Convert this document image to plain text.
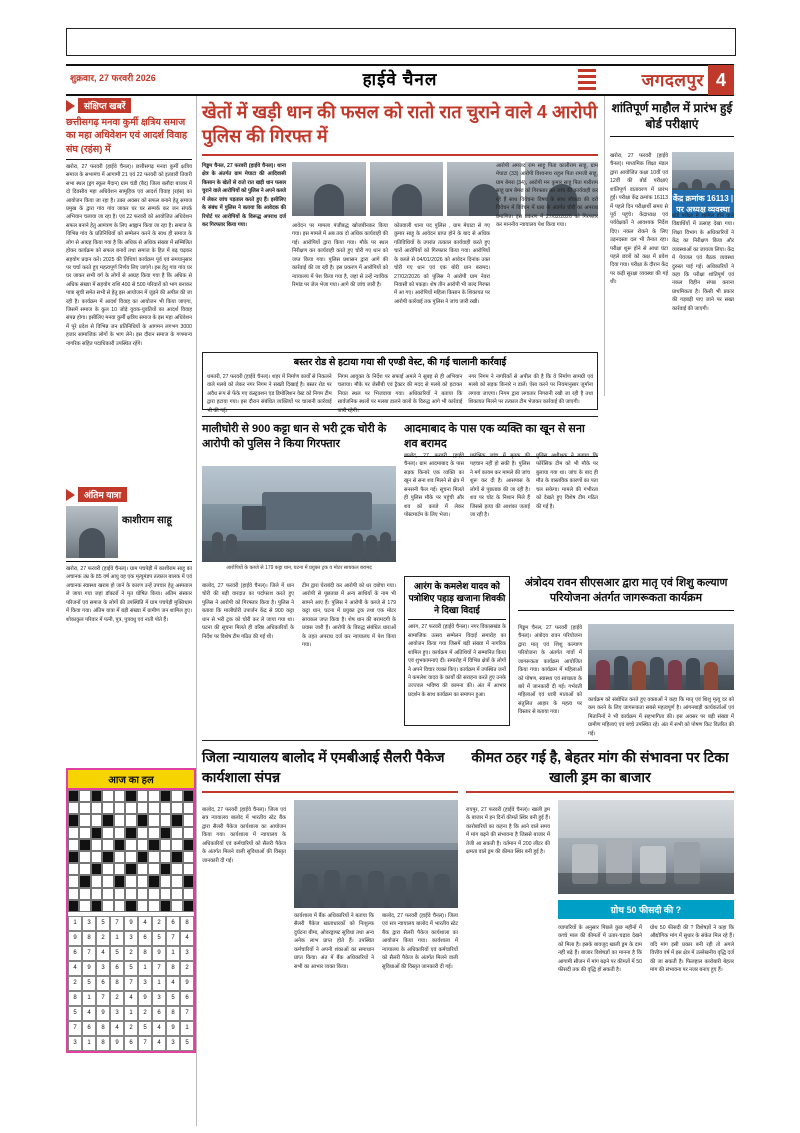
शुक्रवार, 27 फरवरी 2026	हाईवे चैनल	जगदलपुर 4
संक्षिप्त खबरें
छत्तीसगढ़ मनवा कुर्मी क्षत्रिय समाज का महा अधिवेशन एवं आदर्श विवाह संघ (रहंस) में

खरोरा, 27 फरवरी (हाईवे चैनल)। छत्तीसगढ़ मनवा कुर्मी क्षत्रिय समाज के सभामंच में आगामी 21 एवं 22 फरवरी को इतवारी तिवारी सभा स्थल (ड्रग स्कूल मैदान) ग्राम चंडी (बैद) जिला बलौदा बाजार में दो दिवसीय महा अधिवेशन सामूहिक एवं आदर्श विवाह (रहंस) का आयोजन किया जा रहा है। उक्त अवसर को सफल बनाने हेतु समाज प्रमुख के द्वारा गांव गांव जाकर घर घर सम्पर्क कर जन संपर्क अभियान चलाया जा रहा है। एवं 22 फरवरी को आयोजित अधिवेशन सफल बनाने हेतु आमंत्रण के लिए आह्वान किया जा रहा है। समाज के विभिन्न गांव के प्रतिनिधियों को सम्मेलन करने के साथ ही समाज के लोग से आग्रह किया गया है कि अधिक से अधिक संख्या में सम्मिलित होकर कार्यक्रम को सफल बनावें तथा समाज के हित में बढ़ चढ़कर सहयोग प्रदान करें। 2025 की तिथियां कार्यक्रम पूर्व एवं समयानुसार पर चर्चा करते हुए महत्वपूर्ण निर्णय लिए जाएंगे। इस हेतु गांव गांव घर घर जाकर सभी वर्ग के लोगों से आग्रह किया गया है कि अधिक से अधिक संख्या में सहयोग राशि 400 से 500 परिवारों को भाग बनाकर पात्रा सूची समेत सभी से हेतु इस आयोजन में जुड़ने की अपील की जा रही है। कार्यक्रम में आदर्श विवाह का आयोजन भी किया जाएगा, जिसमें समाज के कुल 10 जोड़े युवक-युवतियों का आदर्श विवाह संपन्न होगा। इसीलिए मनवा कुर्मी क्षत्रिय समाज के इस महा अधिवेशन में पूरे प्रदेश से विभिन्न जन प्रतिनिधियों के आगमन लगभग 3000 हजार सामाजिक लोगों के भाग लेने। इस दौरान समाज के गणमान्य नागरिक सहित पदाधिकारी उपस्थित रहेंगे।

अंतिम यात्रा
काशीराम साहू

खरोरा, 27 फरवरी (हाईवे चैनल)। ग्राम पचपेड़ी में काशीराम साहू का अचानक उम्र के 85 वर्ष आयु वह एक मृत्युमंडप तत्काल बालक में एवं अचानक स्वास्थ्य खराब हो जाने के कारण उन्हें उपचार हेतु अस्पताल ले जाया गया जहां डॉक्टरों ने मृत घोषित किया। अंतिम संस्कार परिजनों एवं समाज के लोगों की उपस्थिति में ग्राम पचपेड़ी मुक्तिधाम में किया गया। अंतिम यात्रा में बड़ी संख्या में ग्रामीण जन शामिल हुए। शोकाकुल परिवार में पत्नी, पुत्र, पुत्रवधु एवं नाती पोते हैं।

आज का हल
1	3	5	7	9	4	2	6	8
9	8	2	1	3	6	5	7	4
6	7	4	5	2	8	9	1	3
4	9	3	6	5	1	7	8	2
2	5	6	8	7	3	1	4	9
8	1	7	2	4	9	3	5	6
5	4	9	3	1	2	6	8	7
7	6	8	4	2	5	4	9	1
3	1	8	9	6	7	4	3	5
खेतों में खड़ी धान की फसल को रातो रात चुराने वाले 4 आरोपी पुलिस की गिरफ्त में

गिड्डम चैनल, 27 फरवरी (हाईवे चैनल)। थाना क्षेत्र के अंतर्गत ग्राम मेघाटा की आदिवासी किसान के खेतों से रातो रात खड़ी धान फसल चुराने वाले आरोपियों को पुलिस ने अपने कब्जे में लेकर जांच पड़ताल करते हुए हैं। इसीलिए के संबंध में पुलिस ने बताया कि आवेदक की रिपोर्ट पर आरोपियों के विरूद्ध अपराध दर्ज कर गिरफ्तार किया गया।	आवेदन पर मामला पंजीबद्ध खोजबीनकर किया गया। इस मामले में अब तक दो अधिक कार्यवाही की गई। आरोपियों द्वारा किया गया। मौके पर स्थल निरीक्षण कर कार्यवाही करते हुए चोरी गए धान को जप्त किया गया। पुलिस प्रशासन द्वारा आगे की कार्रवाई की जा रही है। इस प्रकरण में आरोपियों को न्यायालय में पेश किया गया है, जहां से उन्हें न्यायिक रिमांड पर जेल भेजा गया। आगे की जांच जारी है।

कोतवाली थाना पद पुलिस , ग्राम मेघाटा से गए कुमार साहू के आवेदन प्राप्त होने के बाद से अधिक गतिविधियों के उपरांत तत्काल कार्यवाही करते हुए चारों आरोपियों को गिरफ्तार किया गया। आरोपियों के कब्जे से 04/01/2026 को आवेदन दिनांक उक्त चोरी गए धान एवं एक बोरी धान बरामद। 27/02/2026 को पुलिस ने आरोपी ग्राम नेवरा निवासी को पकड़ा। शेष तीन आरोपी भी जल्द गिरफ्त में आ गए। आरोपियों महिला किसान के शिकायत पर आरोपी कार्रवाई तक पुलिस ने जांच जारी रखी।

आरोपी अमजद राम साहू पिता कालीराम साहू, ग्राम मेघाटा (33) आरोपी विश्वनाथ राहुल पिता रामजी साहू, ग्राम बेमरा (34), आरोपी मन कुमार साहू पिता मारीराम साहू ग्राम बेमरा को गिरफ्तार कर जांच की कार्यवाही कर रहे हैं साथ विवेचना विषय के साथ लौकडा की दरो विवेचन में विवेचन में धारा के अंतर्गत चोरी का अपराध प्रमाणित। इस प्रकरण में 27/02/2026 को गिरफ्तार कर माननीय न्यायालय पेश किया गया।

बस्तर रोड से हटाया गया सी एण्डी वेस्ट, की गई चालानी कार्रवाई

धमतरी, 27 फरवरी (हाईवे चैनल)। शहर में निर्माण कार्यों से निकलने वाले मलबे को लेकर नगर निगम ने सख्ती दिखाई है। बस्तर रोड पर अवैध रूप से फेंके गए कंस्ट्रक्शन एंड डिमोलिशन वेस्ट को निगम टीम द्वारा हटाया गया। इस दौरान संबंधित व्यक्तियों पर चालानी कार्रवाई भी की गई।

निगम आयुक्त के निर्देश पर सफाई अमले ने सुबह से ही अभियान चलाया। मौके पर जेसीबी एवं ट्रैक्टर की मदद से मलबे को हटाकर नियत स्थल पर भिजवाया गया। अधिकारियों ने बताया कि सार्वजनिक स्थलों पर मलबा डालने वालों के विरुद्ध आगे भी कार्रवाई जारी रहेगी।

नगर निगम ने नागरिकों से अपील की है कि वे निर्माण सामग्री एवं मलबे को सड़क किनारे न डालें। ऐसा करने पर नियमानुसार जुर्माना लगाया जाएगा। निगम द्वारा लगातार निगरानी रखी जा रही है तथा शिकायत मिलने पर तत्काल टीम भेजकर कार्रवाई की जाएगी।

शांतिपूर्ण माहौल में प्रारंभ हुई बोर्ड परीक्षाएं

खरोरा, 27 फरवरी (हाईवे चैनल)। माध्यमिक शिक्षा मंडल द्वारा आयोजित कक्षा 10वीं एवं 12वीं की बोर्ड परीक्षाएं शांतिपूर्ण वातावरण में प्रारंभ हुईं। परीक्षा केंद्र क्रमांक 16113 में पहले दिन परीक्षार्थी समय से पूर्व पहुंचे। केंद्राध्यक्ष एवं पर्यवेक्षकों ने आवश्यक निर्देश दिए। नकल रोकने के लिए उड़नदस्ता दल भी तैनात रहा। परीक्षा शुरू होने से आधा घंटा पहले छात्रों को कक्ष में प्रवेश दिया गया। परीक्षा के दौरान केंद्र पर कड़ी सुरक्षा व्यवस्था की गई थी।

केंद्र क्रमांक 16113 | पर अध्यक्ष व्यवस्था

बोर्ड परीक्षा में शामिल होने वाले विद्यार्थियों में उत्साह देखा गया। शिक्षा विभाग के अधिकारियों ने केंद्र का निरीक्षण किया और व्यवस्थाओं का जायजा लिया। केंद्र में पेयजल एवं बैठक व्यवस्था दुरुस्त पाई गई। अधिकारियों ने कहा कि परीक्षा शांतिपूर्ण एवं नकल विहीन संपन्न कराना प्राथमिकता है। किसी भी प्रकार की गड़बड़ी पाए जाने पर सख्त कार्रवाई की जाएगी।

मालीघोरी से 900 कट्टा धान से भरी ट्रक चोरी के आरोपी को पुलिस ने किया गिरफ्तार
आरोपियों के कब्जे से 179 कट्टा धान, घटना में प्रयुक्त ट्रक व मोटर सायकल बरामद

बालोद, 27 फरवरी (हाईवे चैनल)। जिले में धान चोरी की बड़ी वारदात का पर्दाफाश करते हुए पुलिस ने आरोपी को गिरफ्तार किया है। पुलिस ने बताया कि मालीघोरी उपार्जन केंद्र से 900 कट्टा धान से भरी ट्रक को चोरी कर ले जाया गया था। घटना की सूचना मिलते ही वरिष्ठ अधिकारियों के निर्देश पर विशेष टीम गठित की गई थी।

टीम द्वारा घेराबंदी कर आरोपी को धर दबोचा गया। आरोपी से पूछताछ में अन्य साथियों के नाम भी सामने आए हैं। पुलिस ने आरोपी के कब्जे से 179 कट्टा धान, घटना में प्रयुक्त ट्रक तथा एक मोटर सायकल जप्त किया है। शेष धान की बरामदगी के प्रयास जारी हैं। आरोपी के विरुद्ध संबंधित धाराओं के तहत अपराध दर्ज कर न्यायालय में पेश किया गया।

आदमाबाद के पास एक व्यक्ति का खून से सना शव बरामद

बालोद, 27 फरवरी (हाईवे चैनल)। ग्राम आदमाबाद के पास सड़क किनारे एक व्यक्ति का खून से सना शव मिलने से क्षेत्र में सनसनी फैल गई। सूचना मिलते ही पुलिस मौके पर पहुंची और शव को कब्जे में लेकर पोस्टमार्टम के लिए भेजा।

प्रारंभिक जांच में मृतक की पहचान नहीं हो सकी है। पुलिस ने मर्ग कायम कर मामले की जांच शुरू कर दी है। आसपास के लोगों से पूछताछ की जा रही है। शव पर चोट के निशान मिले हैं जिससे हत्या की आशंका जताई जा रही है।

पुलिस अधीक्षक ने बताया कि फोरेंसिक टीम को भी मौके पर बुलाया गया था। जांच के बाद ही मौत के वास्तविक कारणों का पता चल सकेगा। मामले की गंभीरता को देखते हुए विशेष टीम गठित की गई है।

आरंग के कमलेश यादव को पत्रोशिए पहाड़ खजाना शिवकी ने दिखा विदाई

आरंग, 27 फरवरी (हाईवे चैनल)। नगर विकासखंड के सामाजिक उत्सव सम्मेलन विदाई समारोह का आयोजन किया गया जिसमें बड़ी संख्या में नागरिक शामिल हुए। कार्यक्रम में अतिथियों ने सम्मानित किया एवं शुभकामनाएं दीं। समारोह में विभिन्न क्षेत्रों के लोगों ने अपने विचार व्यक्त किए। कार्यक्रम में उपस्थित जनों ने कमलेश यादव के कार्यों की सराहना करते हुए उनके उज्ज्वल भविष्य की कामना की। अंत में आभार प्रदर्शन के साथ कार्यक्रम का समापन हुआ।

अंत्रोदय रावन सीएसआर द्वारा मातृ एवं शिशु कल्याण परियोजना अंतर्गत जागरूकता कार्यक्रम

गिड्डम चैनल, 27 फरवरी (हाईवे चैनल)। अंत्रोदय रावन परियोजना द्वारा मातृ एवं शिशु कल्याण परियोजना के अंतर्गत गांवों में जागरूकता कार्यक्रम आयोजित किया गया। कार्यक्रम में महिलाओं को पोषण, स्वास्थ्य एवं स्वच्छता के बारे में जानकारी दी गई। गर्भवती महिलाओं एवं धात्री माताओं को संतुलित आहार के महत्व पर विस्तार से बताया गया।

कार्यक्रम को संबोधित करते हुए वक्ताओं ने कहा कि मातृ एवं शिशु मृत्यु दर को कम करने के लिए जागरूकता सबसे महत्वपूर्ण है। आंगनबाड़ी कार्यकर्ताओं एवं मितानिनों ने भी कार्यक्रम में सहभागिता की। इस अवसर पर बड़ी संख्या में ग्रामीण महिलाएं एवं बच्चे उपस्थित रहे। अंत में सभी को पोषण किट वितरित की गई।

जिला न्यायालय बालोद में एमबीआई सैलरी पैकेज कार्यशाला संपन्न

बालोद, 27 फरवरी (हाईवे चैनल)। जिला एवं सत्र न्यायालय बालोद में भारतीय स्टेट बैंक द्वारा सैलरी पैकेज कार्यशाला का आयोजन किया गया। कार्यशाला में न्यायालय के अधिकारियों एवं कर्मचारियों को सैलरी पैकेज के अंतर्गत मिलने वाली सुविधाओं की विस्तृत जानकारी दी गई।

कार्यशाला में बैंक अधिकारियों ने बताया कि सैलरी पैकेज खाताधारकों को निःशुल्क दुर्घटना बीमा, ओवरड्राफ्ट सुविधा तथा अन्य अनेक लाभ प्राप्त होते हैं। उपस्थित कर्मचारियों ने अपनी शंकाओं का समाधान प्राप्त किया। अंत में बैंक अधिकारियों ने सभी का आभार व्यक्त किया।

बालोद, 27 फरवरी (हाईवे चैनल)। जिला एवं सत्र न्यायालय बालोद में भारतीय स्टेट बैंक द्वारा सैलरी पैकेज कार्यशाला का आयोजन किया गया। कार्यशाला में न्यायालय के अधिकारियों एवं कर्मचारियों को सैलरी पैकेज के अंतर्गत मिलने वाली सुविधाओं की विस्तृत जानकारी दी गई।

कीमत ठहर गई है, बेहतर मांग की संभावना पर टिका खाली ड्रम का बाजार

रायपुर, 27 फरवरी (हाईवे चैनल)। खाली ड्रम के बाजार में इन दिनों कीमतें स्थिर बनी हुई हैं। कारोबारियों का कहना है कि आने वाले समय में मांग बढ़ने की संभावना है जिससे बाजार में तेजी आ सकती है। वर्तमान में 200 लीटर की क्षमता वाले ड्रम की कीमत स्थिर बनी हुई है।

ग्रोथ 50 फीसदी की ?

व्यापारियों के अनुसार पिछले कुछ महीनों में कच्चे माल की कीमतों में उतार-चढ़ाव देखने को मिला है। इसके बावजूद खाली ड्रम के दाम नहीं बढ़े हैं। बाजार विशेषज्ञों का मानना है कि आगामी सीजन में मांग बढ़ने पर कीमतों में 50 फीसदी तक की वृद्धि हो सकती है।

ग्रोथ 50 फीसदी की ? विशेषज्ञों ने कहा कि औद्योगिक मांग में सुधार के संकेत मिल रहे हैं। यदि मांग इसी प्रकार बनी रही तो अगले वित्तीय वर्ष में इस क्षेत्र में उल्लेखनीय वृद्धि दर्ज की जा सकती है। फिलहाल कारोबारी बेहतर मांग की संभावना पर नजर बनाए हुए हैं।
